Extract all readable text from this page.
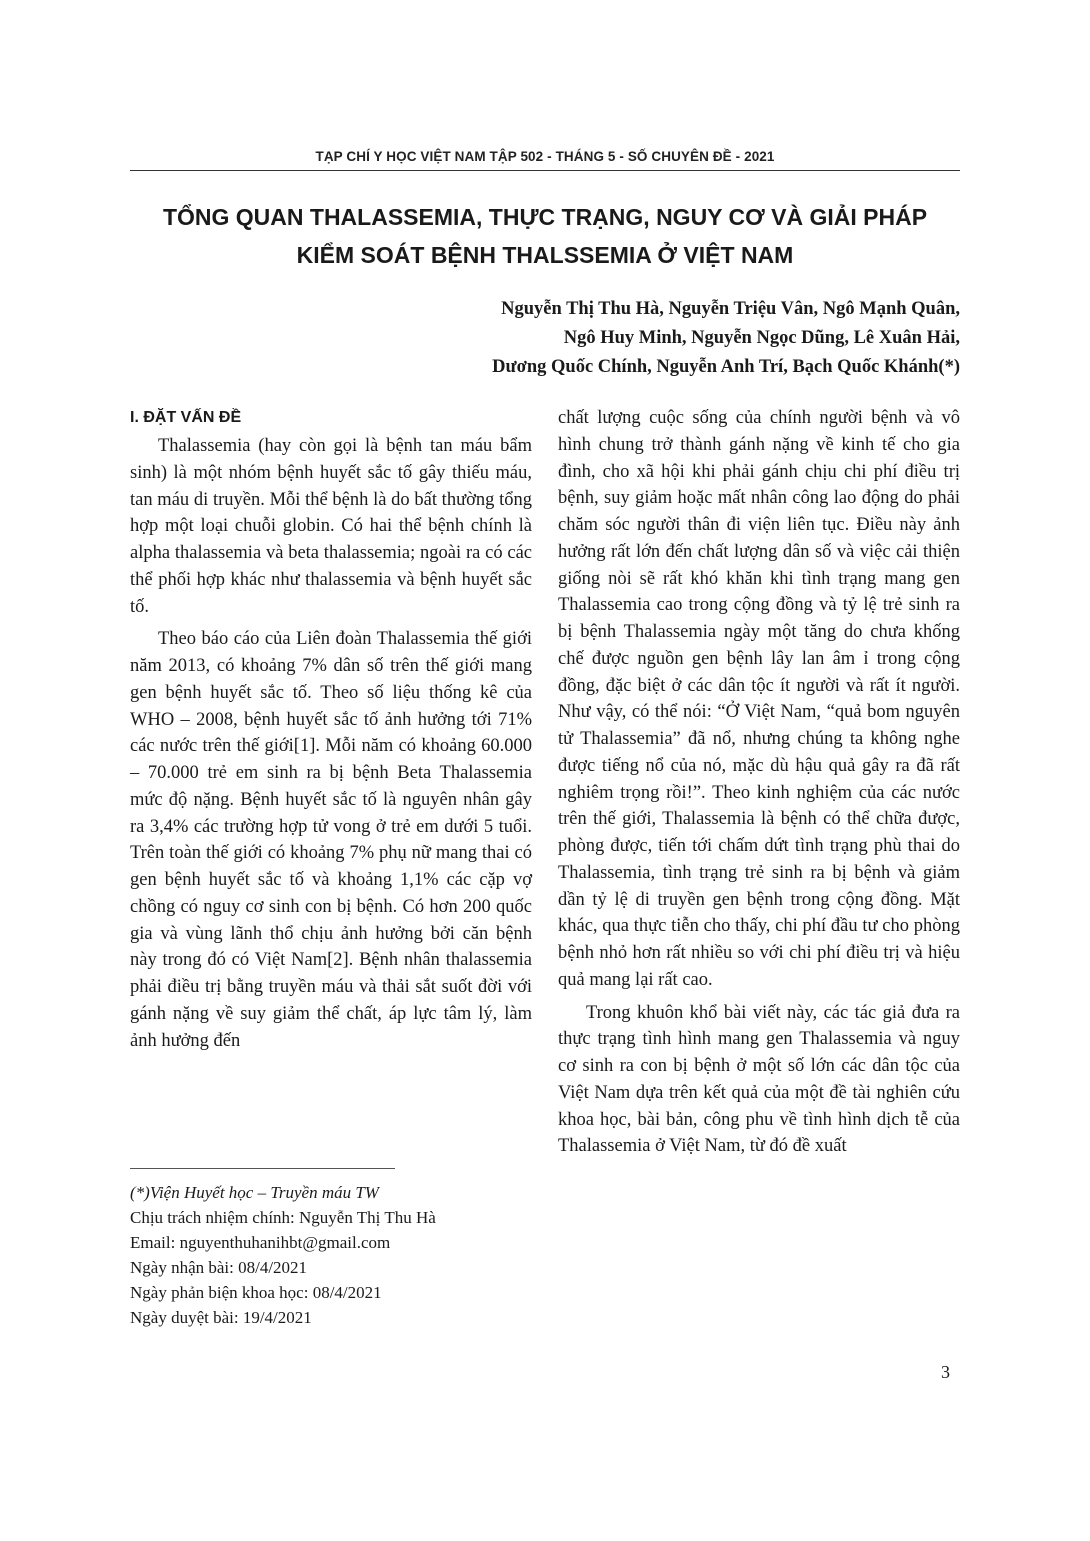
TẠP CHÍ Y HỌC VIỆT NAM TẬP 502 - THÁNG 5 - SỐ CHUYÊN ĐỀ - 2021
TỔNG QUAN THALASSEMIA, THỰC TRẠNG, NGUY CƠ VÀ GIẢI PHÁP
KIỂM SOÁT BỆNH THALSSEMIA Ở VIỆT NAM
Nguyễn Thị Thu Hà, Nguyễn Triệu Vân, Ngô Mạnh Quân,
Ngô Huy Minh, Nguyễn Ngọc Dũng, Lê Xuân Hải,
Dương Quốc Chính, Nguyễn Anh Trí, Bạch Quốc Khánh(*)
I. ĐẶT VẤN ĐỀ

Thalassemia (hay còn gọi là bệnh tan máu bẩm sinh) là một nhóm bệnh huyết sắc tố gây thiếu máu, tan máu di truyền. Mỗi thể bệnh là do bất thường tổng hợp một loại chuỗi globin. Có hai thể bệnh chính là alpha thalassemia và beta thalassemia; ngoài ra có các thể phối hợp khác như thalassemia và bệnh huyết sắc tố.

Theo báo cáo của Liên đoàn Thalassemia thế giới năm 2013, có khoảng 7% dân số trên thế giới mang gen bệnh huyết sắc tố. Theo số liệu thống kê của WHO – 2008, bệnh huyết sắc tố ảnh hưởng tới 71% các nước trên thế giới[1]. Mỗi năm có khoảng 60.000 – 70.000 trẻ em sinh ra bị bệnh Beta Thalassemia mức độ nặng. Bệnh huyết sắc tố là nguyên nhân gây ra 3,4% các trường hợp tử vong ở trẻ em dưới 5 tuổi. Trên toàn thế giới có khoảng 7% phụ nữ mang thai có gen bệnh huyết sắc tố và khoảng 1,1% các cặp vợ chồng có nguy cơ sinh con bị bệnh. Có hơn 200 quốc gia và vùng lãnh thổ chịu ảnh hưởng bởi căn bệnh này trong đó có Việt Nam[2]. Bệnh nhân thalassemia phải điều trị bằng truyền máu và thải sắt suốt đời với gánh nặng về suy giảm thể chất, áp lực tâm lý, làm ảnh hưởng đến

chất lượng cuộc sống của chính người bệnh và vô hình chung trở thành gánh nặng về kinh tế cho gia đình, cho xã hội khi phải gánh chịu chi phí điều trị bệnh, suy giảm hoặc mất nhân công lao động do phải chăm sóc người thân đi viện liên tục. Điều này ảnh hưởng rất lớn đến chất lượng dân số và việc cải thiện giống nòi sẽ rất khó khăn khi tình trạng mang gen Thalassemia cao trong cộng đồng và tỷ lệ trẻ sinh ra bị bệnh Thalassemia ngày một tăng do chưa khống chế được nguồn gen bệnh lây lan âm ỉ trong cộng đồng, đặc biệt ở các dân tộc ít người và rất ít người. Như vậy, có thể nói: “Ở Việt Nam, “quả bom nguyên tử Thalassemia” đã nổ, nhưng chúng ta không nghe được tiếng nổ của nó, mặc dù hậu quả gây ra đã rất nghiêm trọng rồi!”. Theo kinh nghiệm của các nước trên thế giới, Thalassemia là bệnh có thể chữa được, phòng được, tiến tới chấm dứt tình trạng phù thai do Thalassemia, tình trạng trẻ sinh ra bị bệnh và giảm dần tỷ lệ di truyền gen bệnh trong cộng đồng. Mặt khác, qua thực tiễn cho thấy, chi phí đầu tư cho phòng bệnh nhỏ hơn rất nhiều so với chi phí điều trị và hiệu quả mang lại rất cao.

Trong khuôn khổ bài viết này, các tác giả đưa ra thực trạng tình hình mang gen Thalassemia và nguy cơ sinh ra con bị bệnh ở một số lớn các dân tộc của Việt Nam dựa trên kết quả của một đề tài nghiên cứu khoa học, bài bản, công phu về tình hình dịch tễ của Thalassemia ở Việt Nam, từ đó đề xuất

(*)Viện Huyết học – Truyền máu TW
Chịu trách nhiệm chính: Nguyễn Thị Thu Hà
Email: nguyenthuhanihbt@gmail.com
Ngày nhận bài: 08/4/2021
Ngày phản biện khoa học: 08/4/2021
Ngày duyệt bài: 19/4/2021
3
